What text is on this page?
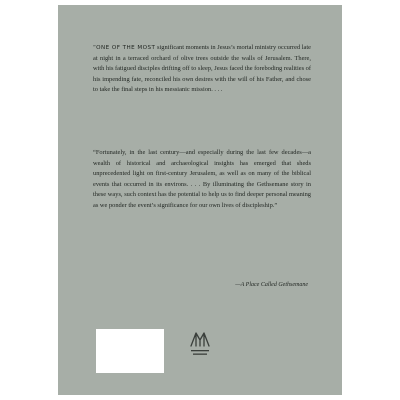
“ONE OF THE MOST significant moments in Jesus’s mortal ministry occurred late at night in a terraced orchard of olive trees outside the walls of Jerusalem. There, with his fatigued disciples drifting off to sleep, Jesus faced the foreboding realities of his impending fate, reconciled his own desires with the will of his Father, and chose to take the final steps in his messianic mission. . . .
“Fortunately, in the last century—and especially during the last few decades—a wealth of historical and archaeological insights has emerged that sheds unprecedented light on first-century Jerusalem, as well as on many of the biblical events that occurred in its environs. . . . By illuminating the Gethsemane story in these ways, such context has the potential to help us to find deeper personal meaning as we ponder the event’s significance for our own lives of discipleship.”
—A Place Called Gethsemane
